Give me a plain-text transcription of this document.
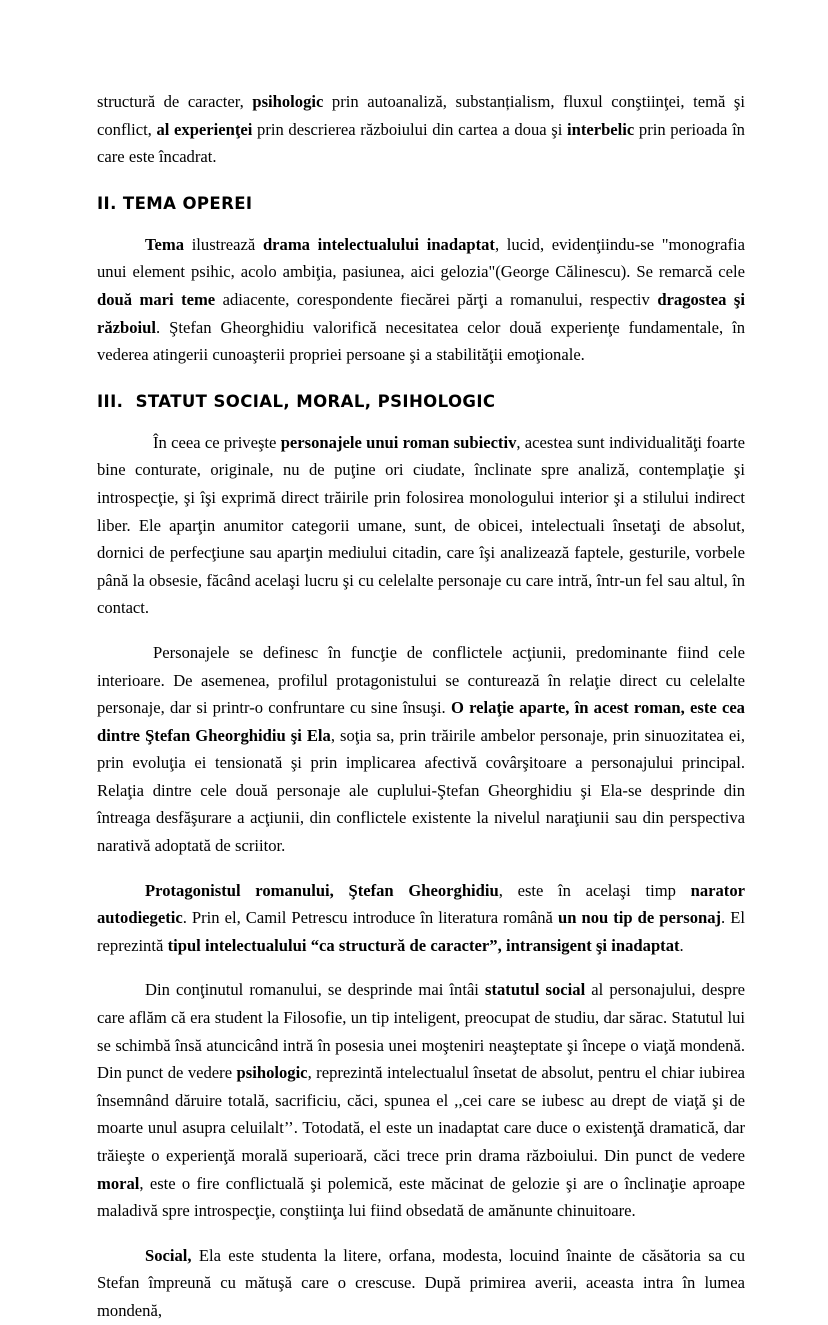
structură de caracter, psihologic prin autoanaliză, substanțialism, fluxul conştiinţei, temă şi conflict, al experienţei prin descrierea războiului din cartea a doua şi interbelic prin perioada în care este încadrat.

II. TEMA OPEREI

Tema ilustrează drama intelectualului inadaptat, lucid, evidenţiindu-se "monografia unui element psihic, acolo ambiţia, pasiunea, aici gelozia"(George Călinescu). Se remarcă cele două mari teme adiacente, corespondente fiecărei părţi a romanului, respectiv dragostea şi războiul. Ştefan Gheorghidiu valorifică necesitatea celor două experienţe fundamentale, în vederea atingerii cunoaşterii propriei persoane şi a stabilităţii emoţionale.

III.  STATUT SOCIAL, MORAL, PSIHOLOGIC

În ceea ce priveşte personajele unui roman subiectiv, acestea sunt individualităţi foarte bine conturate, originale, nu de puţine ori ciudate, înclinate spre analiză, contemplaţie şi introspecţie, şi îşi exprimă direct trăirile prin folosirea monologului interior şi a stilului indirect liber. Ele aparţin anumitor categorii umane, sunt, de obicei, intelectuali însetaţi de absolut, dornici de perfecţiune sau aparţin mediului citadin, care îşi analizează faptele, gesturile, vorbele până la obsesie, făcând acelaşi lucru şi cu celelalte personaje cu care intră, într-un fel sau altul, în contact.

Personajele se definesc în funcţie de conflictele acţiunii, predominante fiind cele interioare. De asemenea, profilul protagonistului se conturează în relaţie direct cu celelalte personaje, dar si printr-o confruntare cu sine însuşi. O relaţie aparte, în acest roman, este cea dintre Ştefan Gheorghidiu şi Ela, soţia sa, prin trăirile ambelor personaje, prin sinuozitatea ei, prin evoluţia ei tensionată şi prin implicarea afectivă covârşitoare a personajului principal. Relaţia dintre cele două personaje ale cuplului-Ştefan Gheorghidiu şi Ela-se desprinde din întreaga desfăşurare a acţiunii, din conflictele existente la nivelul naraţiunii sau din perspectiva narativă adoptată de scriitor.

Protagonistul romanului, Ştefan Gheorghidiu, este în acelaşi timp narator autodiegetic. Prin el, Camil Petrescu introduce în literatura română un nou tip de personaj. El reprezintă tipul intelectualului “ca structură de caracter”, intransigent şi inadaptat.

Din conţinutul romanului, se desprinde mai întâi statutul social al personajului, despre care aflăm că era student la Filosofie, un tip inteligent, preocupat de studiu, dar sărac. Statutul lui se schimbă însă atuncicând intră în posesia unei moşteniri neaşteptate şi începe o viaţă mondenă. Din punct de vedere psihologic, reprezintă intelectualul însetat de absolut, pentru el chiar iubirea însemnând dăruire totală, sacrificiu, căci, spunea el ,,cei care se iubesc au drept de viaţă şi de moarte unul asupra celuilalt’’. Totodată, el este un inadaptat care duce o existenţă dramatică, dar trăieşte o experienţă morală superioară, căci trece prin drama războiului. Din punct de vedere moral, este o fire conflictuală şi polemică, este măcinat de gelozie şi are o înclinaţie aproape maladivă spre introspecţie, conştiinţa lui fiind obsedată de amănunte chinuitoare.

Social, Ela este studenta la litere, orfana, modesta, locuind înainte de căsătoria sa cu Stefan împreună cu mătuşă care o crescuse. După primirea averii, aceasta intra în lumea mondenă,
